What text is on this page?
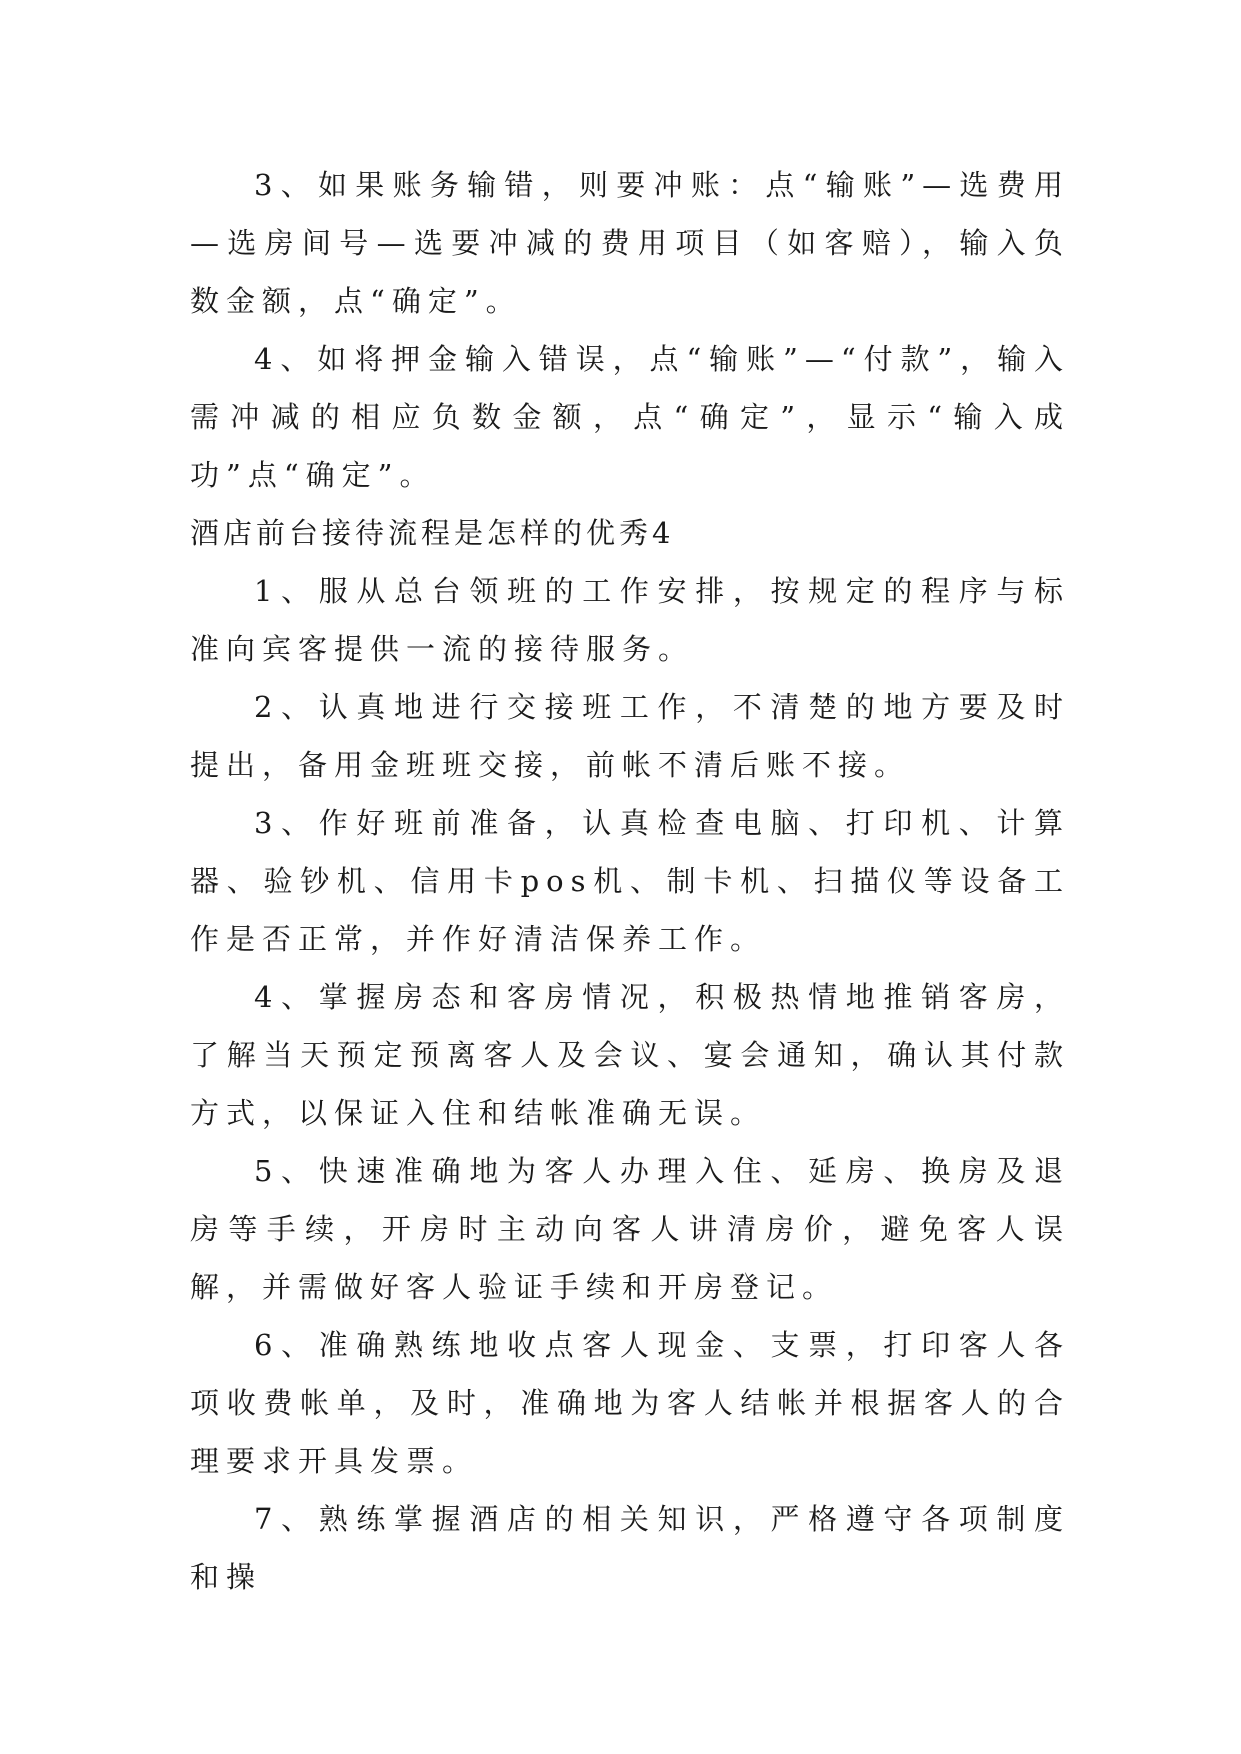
3、如果账务输错，则要冲账：点“输账”—选费用—选房间号—选要冲减的费用项目（如客赔），输入负数金额，点“确定”。

4、如将押金输入错误，点“输账”—“付款”，输入需冲减的相应负数金额，点“确定”，显示“输入成功”点“确定”。

酒店前台接待流程是怎样的优秀4

1、服从总台领班的工作安排，按规定的程序与标准向宾客提供一流的接待服务。

2、认真地进行交接班工作，不清楚的地方要及时提出，备用金班班交接，前帐不清后账不接。

3、作好班前准备，认真检查电脑、打印机、计算器、验钞机、信用卡pos机、制卡机、扫描仪等设备工作是否正常，并作好清洁保养工作。

4、掌握房态和客房情况，积极热情地推销客房，了解当天预定预离客人及会议、宴会通知，确认其付款方式，以保证入住和结帐准确无误。

5、快速准确地为客人办理入住、延房、换房及退房等手续，开房时主动向客人讲清房价，避免客人误解，并需做好客人验证手续和开房登记。

6、准确熟练地收点客人现金、支票，打印客人各项收费帐单，及时，准确地为客人结帐并根据客人的合理要求开具发票。

7、熟练掌握酒店的相关知识，严格遵守各项制度和操
